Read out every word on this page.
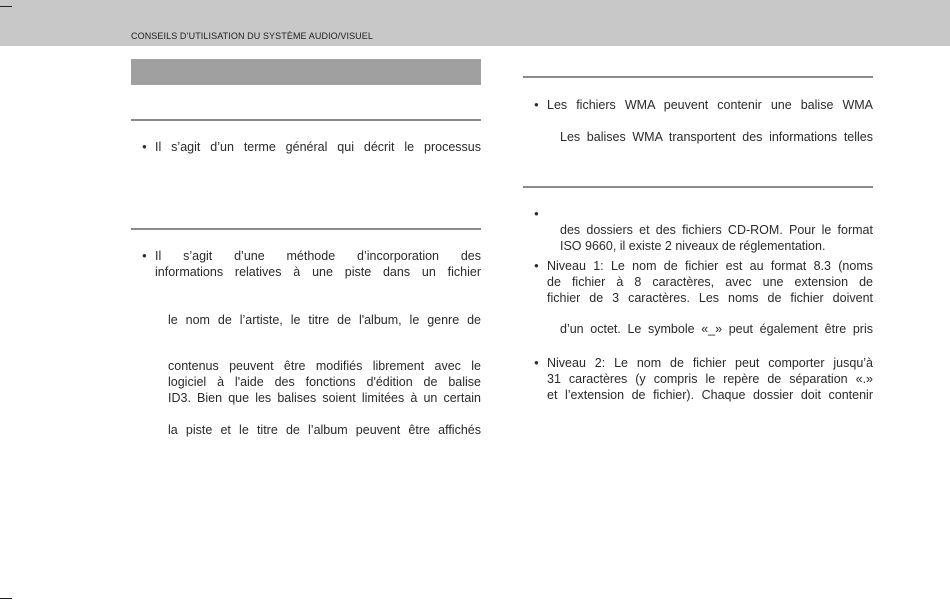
CONSEILS D’UTILISATION DU SYSTÈME AUDIO/VISUEL
● Il s’agit d’un terme général qui décrit le processus
● Il s’agit d’une méthode d’incorporation des
informations relatives à une piste dans un fichier
le nom de l’artiste, le titre de l'album, le genre de
contenus peuvent être modifiés librement avec le
logiciel à l'aide des fonctions d'édition de balise
ID3. Bien que les balises soient limitées à un certain
la piste et le titre de l’album peuvent être affichés
● Les fichiers WMA peuvent contenir une balise WMA
Les balises WMA transportent des informations telles
●
des dossiers et des fichiers CD-ROM. Pour le format
ISO 9660, il existe 2 niveaux de réglementation.
● Niveau 1: Le nom de fichier est au format 8.3 (noms
de fichier à 8 caractères, avec une extension de
fichier de 3 caractères. Les noms de fichier doivent
d’un octet. Le symbole «_» peut également être pris
● Niveau 2: Le nom de fichier peut comporter jusqu’à
31 caractères (y compris le repère de séparation «.»
et l’extension de fichier). Chaque dossier doit contenir
